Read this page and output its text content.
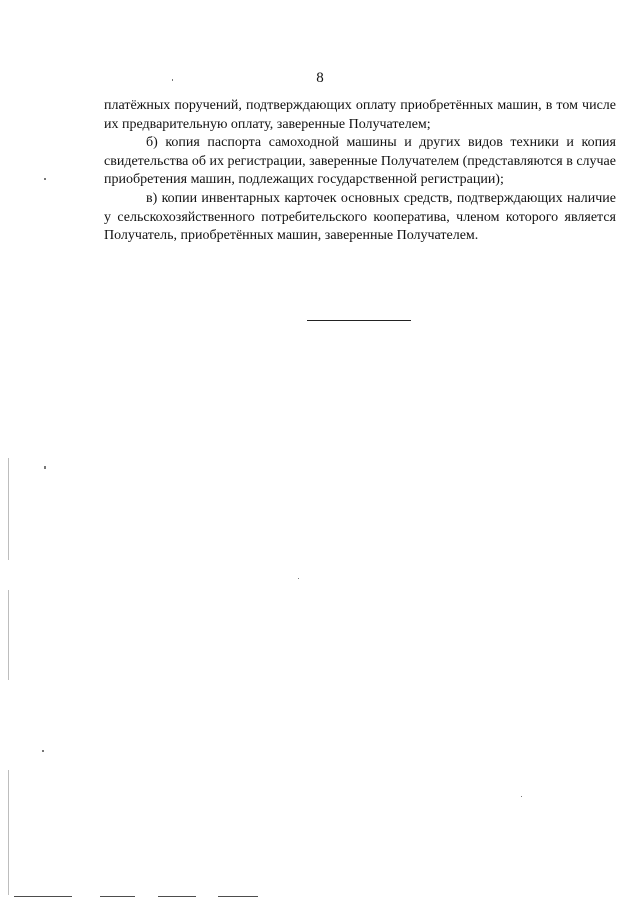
8

платёжных поручений, подтверждающих оплату приобретённых машин, в том числе их предварительную оплату, заверенные Получателем;

б) копия паспорта самоходной машины и других видов техники и копия свидетельства об их регистрации, заверенные Получателем (представляются в случае приобретения машин, подлежащих государственной регистрации);

в) копии инвентарных карточек основных средств, подтверждающих наличие у сельскохозяйственного потребительского кооператива, членом которого является Получатель, приобретённых машин, заверенные Получателем.
